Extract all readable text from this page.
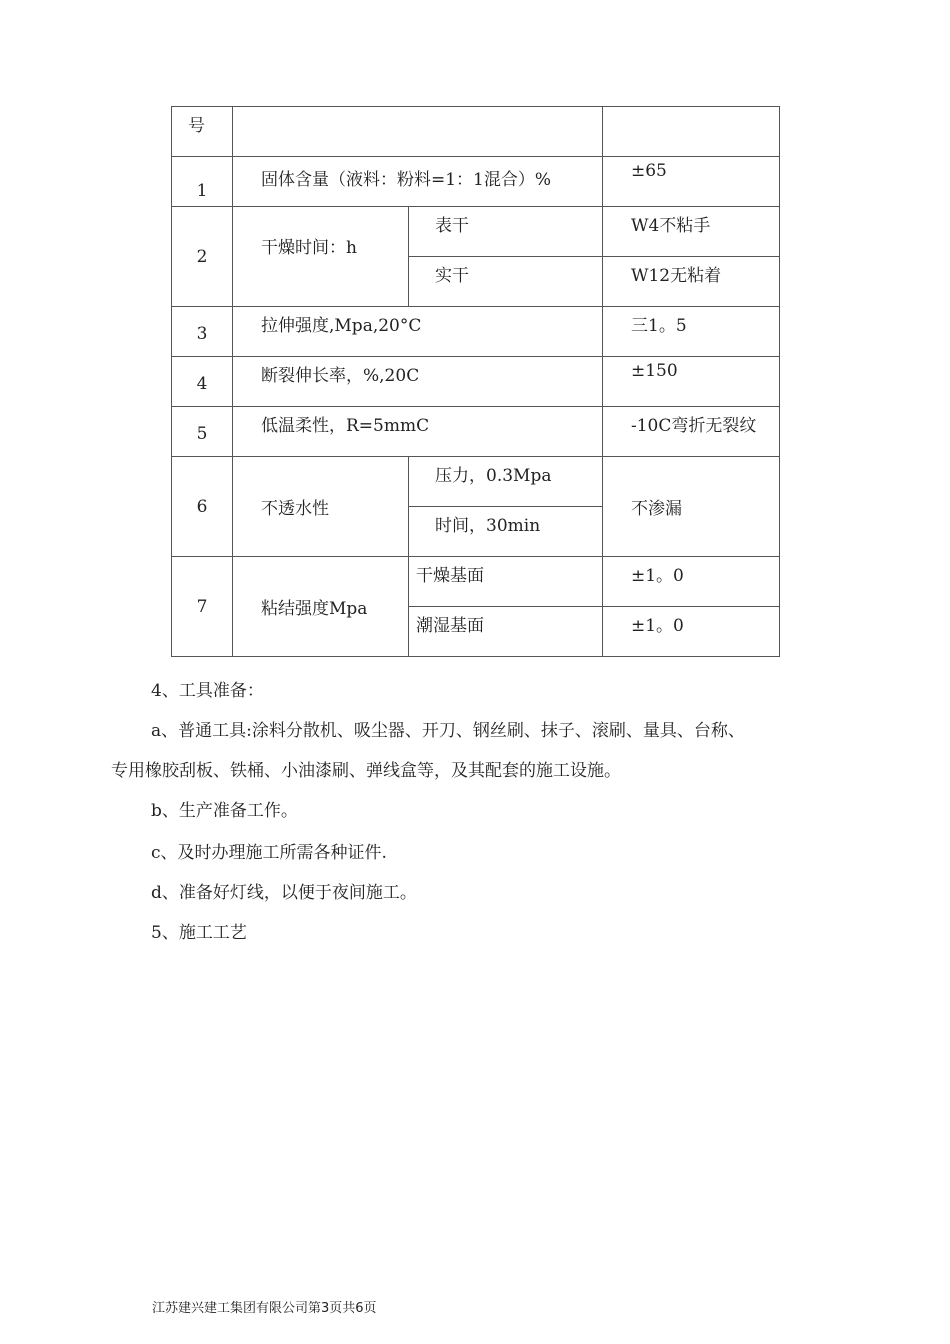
号			
1	固体含量（液料：粉料=1：1混合）%		±65
2	干燥时间：h	表干	W4不粘手
		实干	W12无粘着
3	拉伸强度,Mpa,20°C		三1。5
4	断裂伸长率，%,20C		±150
5	低温柔性，R=5mmC		-10C弯折无裂纹
6	不透水性	压力，0.3Mpa	不渗漏
		时间，30min	
7	粘结强度Mpa	干燥基面	±1。0
		潮湿基面	±1。0
4、工具准备：
a、普通工具:涂料分散机、吸尘器、开刀、钢丝刷、抹子、滚刷、量具、台称、
专用橡胶刮板、铁桶、小油漆刷、弹线盒等，及其配套的施工设施。
b、生产准备工作。
c、及时办理施工所需各种证件.
d、准备好灯线，以便于夜间施工。
5、施工工艺
江苏建兴建工集团有限公司第3页共6页
